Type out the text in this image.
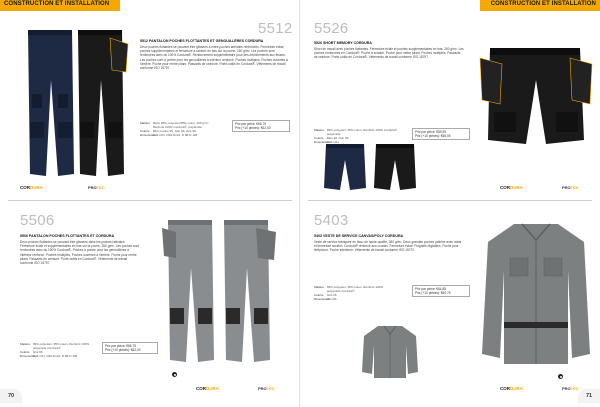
CONSTRUCTION ET INSTALLATION
5512
5512 PANTALON POCHES FLOTTANTES ET GENOUILLÈRES CORDURA
Deux poches flottantes se pouvant être glissées à entre-poches latérales renforcées. Fermeture éclair, poches supplémentaires et fermeture à scratch en bas sur la poche. 260 g/m². Les poches sont renforcées avec du 100% Cordura®. Renforcement supplémentaire pour des déchirements aux fesses. Les poches sont à portée pour les genouillères à intérieur renforcé. Poches multiples. Poches ouvertes à l'arrière. Poche pour mètre pliant. Passants de ceinture. Porte-outils en Cordura®. Vêtements de travail conforme ISO 15797.
Matière Mixte 65% polyester/35% coton, 260 g/m²
Renforts 100% Cordura®, polyamide
Coloris Bleu marine 99, Noir 99, Gris 99
Dimensions C44-C64, D96-D124, D 88-D 128
Prix par pièce: €66,75
Prix (+10 pièces): €62,00
CORDURA	PROTEC
5506
5506 PANTALON POCHES FLOTTANTES ET CORDURA
Deux poches flottantes se pouvant être glissées dans les poches latérales. Fermeture éclair et supplémentaires en bas sur la poche. 260 g/m². Les poches sont renforcées avec du 100% Cordura®. Poches à portée pour les genouillères à intérieur renforcé. Poches multiples. Poches ouvertes à l'arrière. Poche pour mètre pliant. Passants de ceinture. Porte-outils en Cordura®. Vêtements de travail conforme ISO 15797.
Matière 65% polyester, 35% coton, Renforts 100%
polyamide Cordura®
Coloris Gris 96
Dimensions C44-C64, D96-D124, D 88-D 128
Prix par pièce: €66,75
Prix (+10 pièces): €62,00
CORDURA	PROTEC
70
CONSTRUCTION ET INSTALLATION
5526
5526 SHORT MEMORY CORDURA
Short de travail avec poches flottantes. Fermeture éclair et poches supplémentaires en bas. 260 g/m². Les poches renforcées en Cordura®. Poche à scratch. Poche pour mètre pliant. Poches multiples. Passants de ceinture. Porte-outils en Cordura®. Vêtements de travail conforme ISO 15797.
Matière 65% polyester, 35% coton, Renforts 100% Cordura®
polyamide
Coloris Bleu 96, Noir 99
Dimensions C44-C64
Prix par pièce: €59,95
Prix (+10 pièces): €56,05
CORDURA	PROTEC
5403
5403 VESTE DE SERVICE CANVAS/POLY CORDURA
Veste de service fabriquée en tissu de haute qualité. 280 g/m². Deux grandes poches poitrine avec rabat et fermeture scratch. Cordura® renforcé aux coudes. Fermeture éclair. Poignets réglables. Poche pour téléphone. Poche intérieure. Vêtements de travail conforme ISO 15797.
Matière 65% polyester, 35% coton, Renforts 100%
polyamide Cordura®
Coloris Gris 96
Dimensions XS-4XL
Prix par pièce: €64,85
Prix (+10 pièces): €60,75
CORDURA	PROTEC
71
